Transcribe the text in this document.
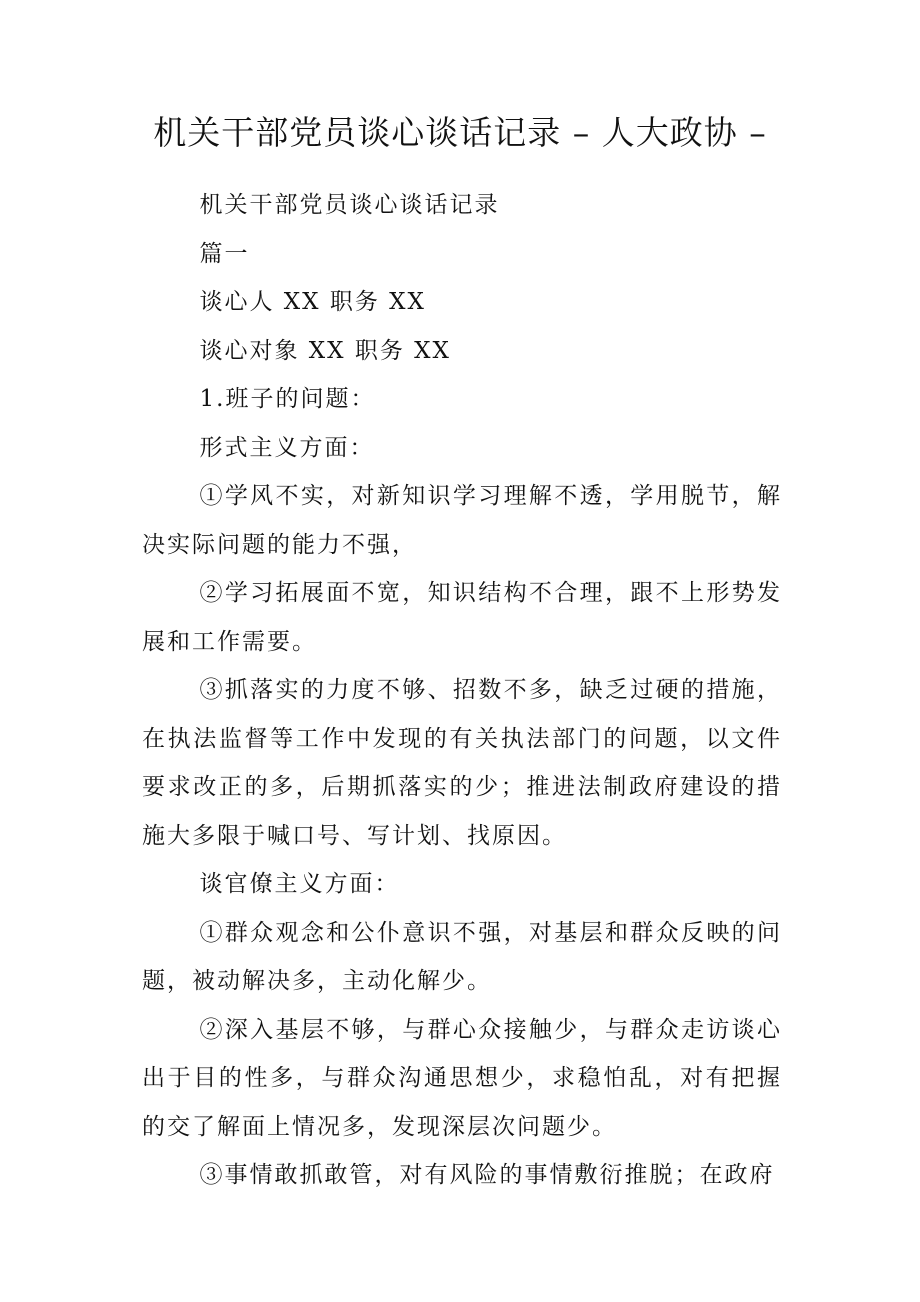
机关干部党员谈心谈话记录 – 人大政协 –

机关干部党员谈心谈话记录

篇一

谈心人 XX 职务 XX

谈心对象 XX 职务 XX

1.班子的问题：

形式主义方面：

①学风不实，对新知识学习理解不透，学用脱节，解决实际问题的能力不强，

②学习拓展面不宽，知识结构不合理，跟不上形势发展和工作需要。

③抓落实的力度不够、招数不多，缺乏过硬的措施，在执法监督等工作中发现的有关执法部门的问题，以文件要求改正的多，后期抓落实的少；推进法制政府建设的措施大多限于喊口号、写计划、找原因。

谈官僚主义方面：

①群众观念和公仆意识不强，对基层和群众反映的问题，被动解决多，主动化解少。

②深入基层不够，与群心众接触少，与群众走访谈心出于目的性多，与群众沟通思想少，求稳怕乱，对有把握的交了解面上情况多，发现深层次问题少。

③事情敢抓敢管，对有风险的事情敷衍推脱；在政府
